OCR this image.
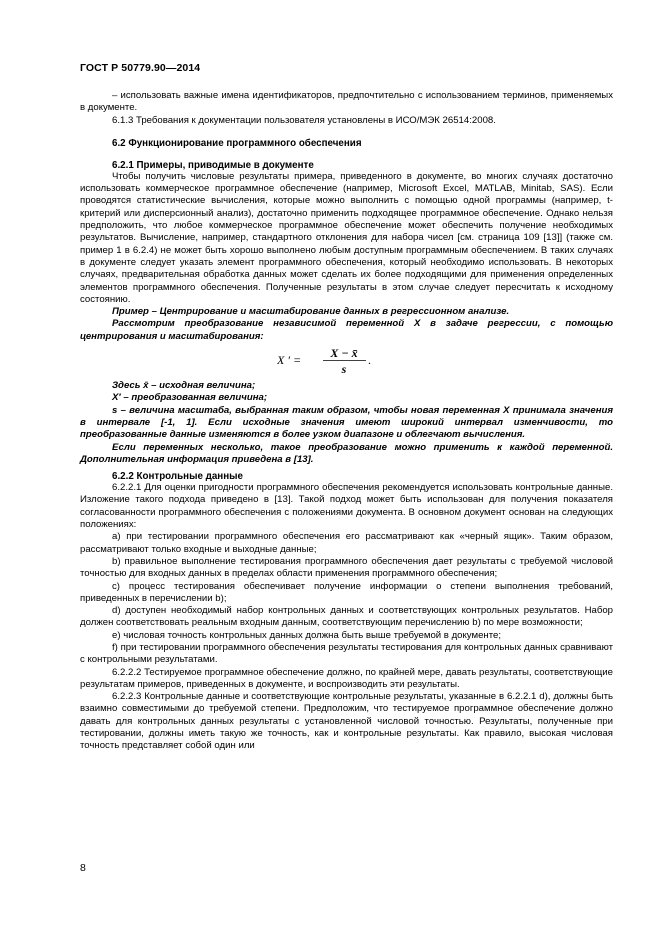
ГОСТ Р 50779.90—2014

– использовать важные имена идентификаторов, предпочтительно с использованием терминов, применяемых в документе.

6.1.3 Требования к документации пользователя установлены в ИСО/МЭК 26514:2008.

6.2 Функционирование программного обеспечения
6.2.1 Примеры, приводимые в документе

Чтобы получить числовые результаты примера, приведенного в документе, во многих случаях достаточно использовать коммерческое программное обеспечение (например, Microsoft Excel, MATLAB, Minitab, SAS). Если проводятся статистические вычисления, которые можно выполнить с помощью одной программы (например, t-критерий или дисперсионный анализ), достаточно применить подходящее программное обеспечение. Однако нельзя предположить, что любое коммерческое программное обеспечение может обеспечить получение необходимых результатов. Вычисление, например, стандартного отклонения для набора чисел [см. страница 109 [13]] (также см. пример 1 в 6.2.4) не может быть хорошо выполнено любым доступным программным обеспечением. В таких случаях в документе следует указать элемент программного обеспечения, который необходимо использовать. В некоторых случаях, предварительная обработка данных может сделать их более подходящими для применения определенных элементов программного обеспечения. Полученные результаты в этом случае следует пересчитать к исходному состоянию.

Пример – Центрирование и масштабирование данных в регрессионном анализе.

Рассмотрим преобразование независимой переменной X в задаче регрессии, с помощью центрирования и масштабирования:

X ′ = X − x̄
s
.

Здесь x̄ – исходная величина;

X′ – преобразованная величина;

s – величина масштаба, выбранная таким образом, чтобы новая переменная X принимала значения в интервале [-1, 1]. Если исходные значения имеют широкий интервал изменчивости, то преобразованные данные изменяются в более узком диапазоне и облегчают вычисления.

Если переменных несколько, такое преобразование можно применить к каждой переменной. Дополнительная информация приведена в [13].

6.2.2 Контрольные данные

6.2.2.1 Для оценки пригодности программного обеспечения рекомендуется использовать контрольные данные. Изложение такого подхода приведено в [13]. Такой подход может быть использован для получения показателя согласованности программного обеспечения с положениями документа. В основном документ основан на следующих положениях:

a) при тестировании программного обеспечения его рассматривают как «черный ящик». Таким образом, рассматривают только входные и выходные данные;

b) правильное выполнение тестирования программного обеспечения дает результаты с требуемой числовой точностью для входных данных в пределах области применения программного обеспечения;

c) процесс тестирования обеспечивает получение информации о степени выполнения требований, приведенных в перечислении b);

d) доступен необходимый набор контрольных данных и соответствующих контрольных результатов. Набор должен соответствовать реальным входным данным, соответствующим перечислению b) по мере возможности;

e) числовая точность контрольных данных должна быть выше требуемой в документе;

f) при тестировании программного обеспечения результаты тестирования для контрольных данных сравнивают с контрольными результатами.

6.2.2.2 Тестируемое программное обеспечение должно, по крайней мере, давать результаты, соответствующие результатам примеров, приведенных в документе, и воспроизводить эти результаты.

6.2.2.3 Контрольные данные и соответствующие контрольные результаты, указанные в 6.2.2.1 d), должны быть взаимно совместимыми до требуемой степени. Предположим, что тестируемое программное обеспечение должно давать для контрольных данных результаты с установленной числовой точностью. Результаты, полученные при тестировании, должны иметь такую же точность, как и контрольные результаты. Как правило, высокая числовая точность представляет собой один или

8
